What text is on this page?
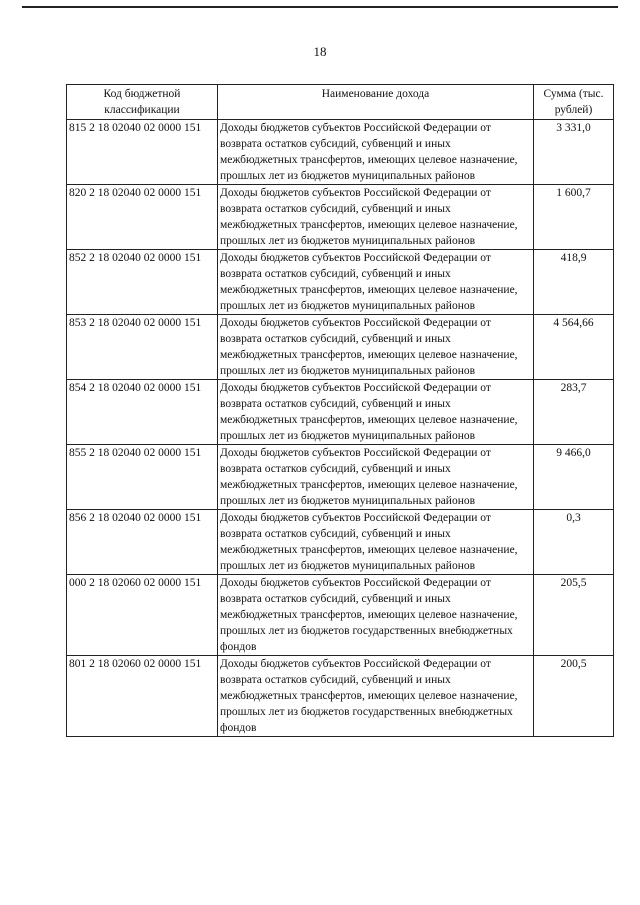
18
Код бюджетной классификации	Наименование дохода	Сумма (тыс. рублей)
815 2 18 02040 02 0000 151	Доходы бюджетов субъектов Российской Федерации от возврата остатков субсидий, субвенций и иных межбюджетных трансфертов, имеющих целевое назначение, прошлых лет из бюджетов муниципальных районов	3 331,0
820 2 18 02040 02 0000 151	Доходы бюджетов субъектов Российской Федерации от возврата остатков субсидий, субвенций и иных межбюджетных трансфертов, имеющих целевое назначение, прошлых лет из бюджетов муниципальных районов	1 600,7
852 2 18 02040 02 0000 151	Доходы бюджетов субъектов Российской Федерации от возврата остатков субсидий, субвенций и иных межбюджетных трансфертов, имеющих целевое назначение, прошлых лет из бюджетов муниципальных районов	418,9
853 2 18 02040 02 0000 151	Доходы бюджетов субъектов Российской Федерации от возврата остатков субсидий, субвенций и иных межбюджетных трансфертов, имеющих целевое назначение, прошлых лет из бюджетов муниципальных районов	4 564,66
854 2 18 02040 02 0000 151	Доходы бюджетов субъектов Российской Федерации от возврата остатков субсидий, субвенций и иных межбюджетных трансфертов, имеющих целевое назначение, прошлых лет из бюджетов муниципальных районов	283,7
855 2 18 02040 02 0000 151	Доходы бюджетов субъектов Российской Федерации от возврата остатков субсидий, субвенций и иных межбюджетных трансфертов, имеющих целевое назначение, прошлых лет из бюджетов муниципальных районов	9 466,0
856 2 18 02040 02 0000 151	Доходы бюджетов субъектов Российской Федерации от возврата остатков субсидий, субвенций и иных межбюджетных трансфертов, имеющих целевое назначение, прошлых лет из бюджетов муниципальных районов	0,3
000 2 18 02060 02 0000 151	Доходы бюджетов субъектов Российской Федерации от возврата остатков субсидий, субвенций и иных межбюджетных трансфертов, имеющих целевое назначение, прошлых лет из бюджетов государственных внебюджетных фондов	205,5
801 2 18 02060 02 0000 151	Доходы бюджетов субъектов Российской Федерации от возврата остатков субсидий, субвенций и иных межбюджетных трансфертов, имеющих целевое назначение, прошлых лет из бюджетов государственных внебюджетных фондов	200,5
